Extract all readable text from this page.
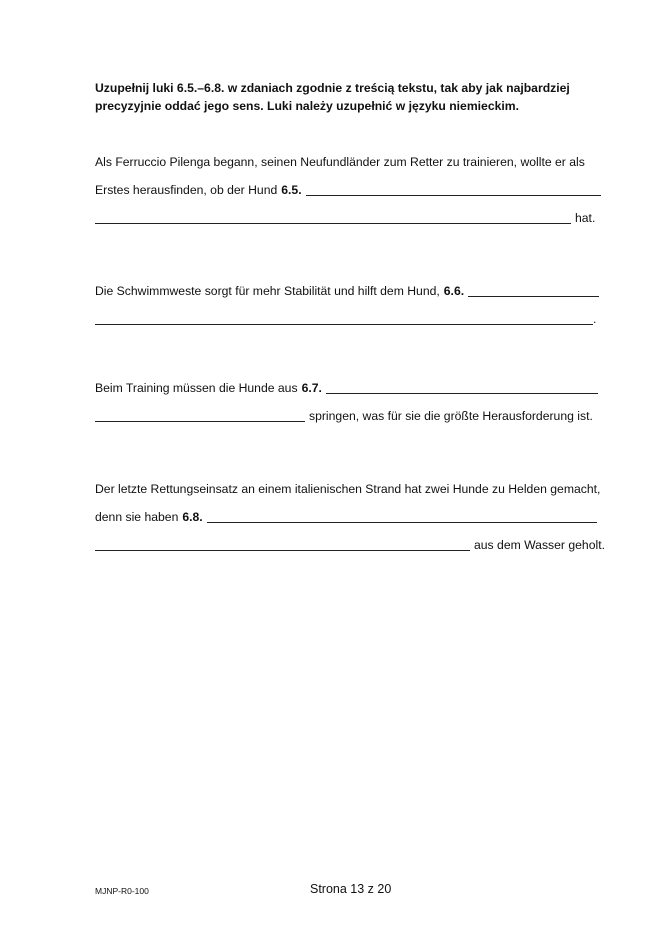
Uzupełnij luki 6.5.–6.8. w zdaniach zgodnie z treścią tekstu, tak aby jak najbardziej precyzyjnie oddać jego sens. Luki należy uzupełnić w języku niemieckim.
Als Ferruccio Pilenga begann, seinen Neufundländer zum Retter zu trainieren, wollte er als
Erstes herausfinden, ob der Hund 6.5.
hat.
Die Schwimmweste sorgt für mehr Stabilität und hilft dem Hund, 6.6.
.
Beim Training müssen die Hunde aus 6.7.
springen, was für sie die größte Herausforderung ist.
Der letzte Rettungseinsatz an einem italienischen Strand hat zwei Hunde zu Helden gemacht,
denn sie haben 6.8.
aus dem Wasser geholt.
MJNP-R0-100	Strona 13 z 20
